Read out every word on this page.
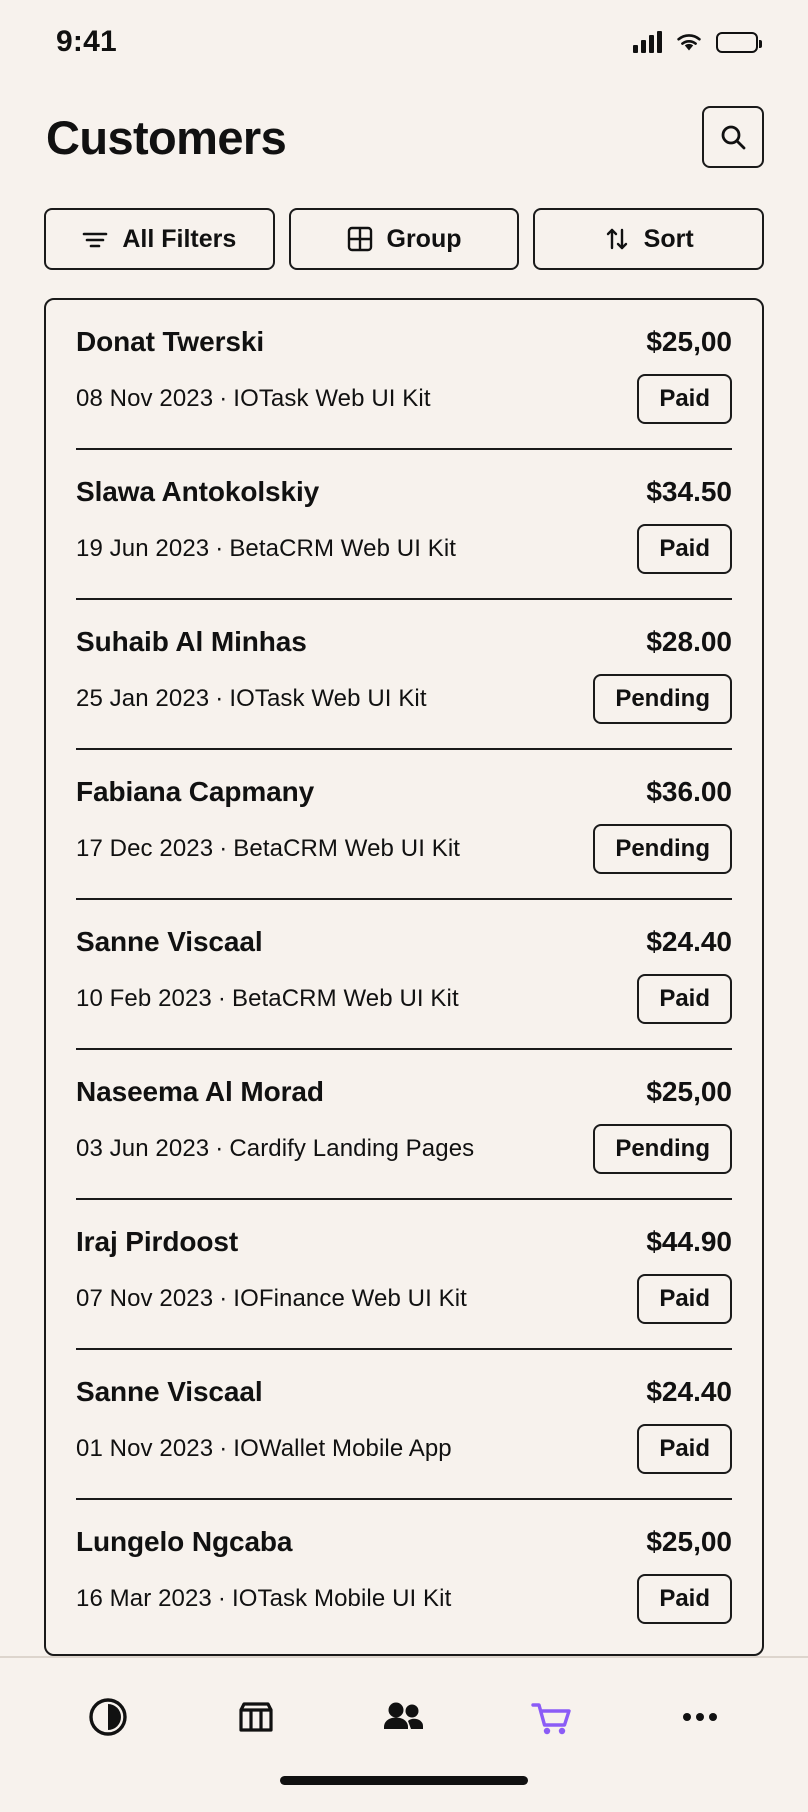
9:41
Customers
All Filters	Group	Sort
Donat Twerski	$25,00
08 Nov 2023 · IOTask Web UI Kit	Paid
Slawa Antokolskiy	$34.50
19 Jun 2023 · BetaCRM Web UI Kit	Paid
Suhaib Al Minhas	$28.00
25 Jan 2023 · IOTask Web UI Kit	Pending
Fabiana Capmany	$36.00
17 Dec 2023 · BetaCRM Web UI Kit	Pending
Sanne Viscaal	$24.40
10 Feb 2023 · BetaCRM Web UI Kit	Paid
Naseema Al Morad	$25,00
03 Jun 2023 · Cardify Landing Pages	Pending
Iraj Pirdoost	$44.90
07 Nov 2023 · IOFinance Web UI Kit	Paid
Sanne Viscaal	$24.40
01 Nov 2023 · IOWallet Mobile App	Paid
Lungelo Ngcaba	$25,00
16 Mar 2023 · IOTask Mobile UI Kit	Paid
